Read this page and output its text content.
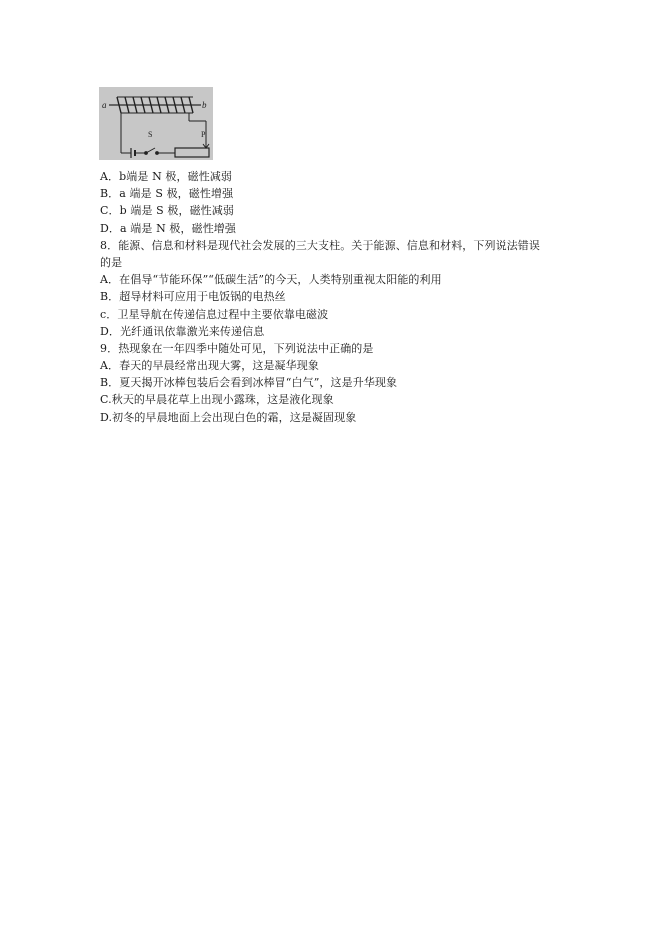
a	b
S	P
A．b端是 N 极，磁性减弱
B．a 端是 S 极，磁性增强
C．b 端是 S 极，磁性减弱
D．a 端是 N 极，磁性增强
8．能源、信息和材料是现代社会发展的三大支柱。关于能源、信息和材料，下列说法错误
的是
A．在倡导“节能环保”“低碳生活”的今天，人类特别重视太阳能的利用
B．超导材料可应用于电饭锅的电热丝
c．卫星导航在传递信息过程中主要依靠电磁波
D．光纤通讯依靠激光来传递信息
9．热现象在一年四季中随处可见，下列说法中正确的是
A．春天的早晨经常出现大雾，这是凝华现象
B．夏天揭开冰棒包装后会看到冰棒冒“白气”，这是升华现象
C.秋天的早晨花草上出现小露珠，这是液化现象
D.初冬的早晨地面上会出现白色的霜，这是凝固现象
